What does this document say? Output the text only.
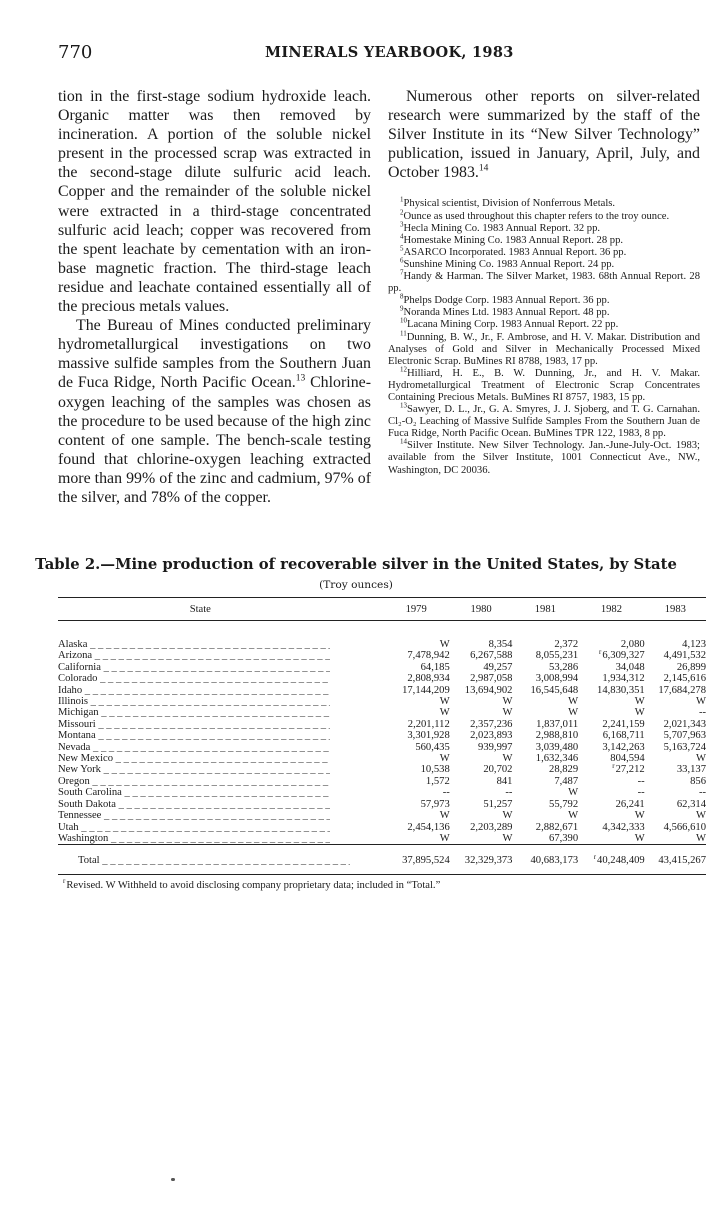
770	MINERALS YEARBOOK, 1983

tion in the first-stage sodium hydroxide leach. Organic matter was then removed by incineration. A portion of the soluble nickel present in the processed scrap was extracted in the second-stage dilute sulfuric acid leach. Copper and the remainder of the soluble nickel were extracted in a third-stage concentrated sulfuric acid leach; copper was recovered from the spent leachate by cementation with an iron-base magnetic fraction. The third-stage leach residue and leachate contained essentially all of the precious metals values.

The Bureau of Mines conducted preliminary hydrometallurgical investigations on two massive sulfide samples from the Southern Juan de Fuca Ridge, North Pacific Ocean.$^{13}$ Chlorine-oxygen leaching of the samples was chosen as the procedure to be used because of the high zinc content of one sample. The bench-scale testing found that chlorine-oxygen leaching extracted more than 99% of the zinc and cadmium, 97% of the silver, and 78% of the copper.

Numerous other reports on silver-related research were summarized by the staff of the Silver Institute in its “New Silver Technology” publication, issued in January, April, July, and October 1983.14

$^1$Physical scientist, Division of Nonferrous Metals.

$^2$Ounce as used throughout this chapter refers to the troy ounce.

$^3$Hecla Mining Co. 1983 Annual Report. 32 pp.

$^4$Homestake Mining Co. 1983 Annual Report. 28 pp.

$^5$ASARCO Incorporated. 1983 Annual Report. 36 pp.

$^6$Sunshine Mining Co. 1983 Annual Report. 24 pp.

$^7$Handy & Harman. The Silver Market, 1983. 68th Annual Report. 28 pp.

$^8$Phelps Dodge Corp. 1983 Annual Report. 36 pp.

$^9$Noranda Mines Ltd. 1983 Annual Report. 48 pp.

$^{10}$Lacana Mining Corp. 1983 Annual Report. 22 pp.

$^{11}$Dunning, B. W., Jr., F. Ambrose, and H. V. Makar. Distribution and Analyses of Gold and Silver in Mechanically Processed Mixed Electronic Scrap. BuMines RI 8788, 1983, 17 pp.

$^{12}$Hilliard, H. E., B. W. Dunning, Jr., and H. V. Makar. Hydrometallurgical Treatment of Electronic Scrap Concentrates Containing Precious Metals. BuMines RI 8757, 1983, 15 pp.

$^{13}$Sawyer, D. L., Jr., G. A. Smyres, J. J. Sjoberg, and T. G. Carnahan. Cl₂-O₂ Leaching of Massive Sulfide Samples From the Southern Juan de Fuca Ridge, North Pacific Ocean. BuMines TPR 122, 1983, 8 pp.

$^{14}$Silver Institute. New Silver Technology. Jan.-June-July-Oct. 1983; available from the Silver Institute, 1001 Connecticut Ave., NW., Washington, DC 20036.

Table 2.—Mine production of recoverable silver in the United States, by State
(Troy ounces)
State	1979	1980	1981	1982	1983

Alaska _ _ _	W	8,354	2,372	2,080	4,123

Arizona _ _ _	7,478,942	6,267,588	8,055,231	$^r$6,309,327	4,491,532

California _ _ _	64,185	49,257	53,286	34,048	26,899

Colorado _ _ _	2,808,934	2,987,058	3,008,994	1,934,312	2,145,616

Idaho _ _ _	17,144,209	13,694,902	16,545,648	14,830,351	17,684,278

Illinois _ _ _	W	W	W	W	W

Michigan _ _ _	W	W	W	W	--

Missouri _ _ _	2,201,112	2,357,236	1,837,011	2,241,159	2,021,343

Montana _ _ _	3,301,928	2,023,893	2,988,810	6,168,711	5,707,963

Nevada _ _ _	560,435	939,997	3,039,480	3,142,263	5,163,724

New Mexico _ _ _	W	W	1,632,346	804,594	W

New York _ _ _	10,538	20,702	28,829	$^r$27,212	33,137

Oregon _ _ _	1,572	841	7,487	--	856

South Carolina _ _ _	--	--	W	--	--

South Dakota _ _ _	57,973	51,257	55,792	26,241	62,314

Tennessee _ _ _	W	W	W	W	W

Utah _ _ _	2,454,136	2,203,289	2,882,671	4,342,333	4,566,610

Washington _ _ _	W	W	67,390	W	W

Total _ _ _	37,895,524	32,329,373	40,683,173	$^r$40,248,409	43,415,267
$^r$Revised. W Withheld to avoid disclosing company proprietary data; included in “Total.”
